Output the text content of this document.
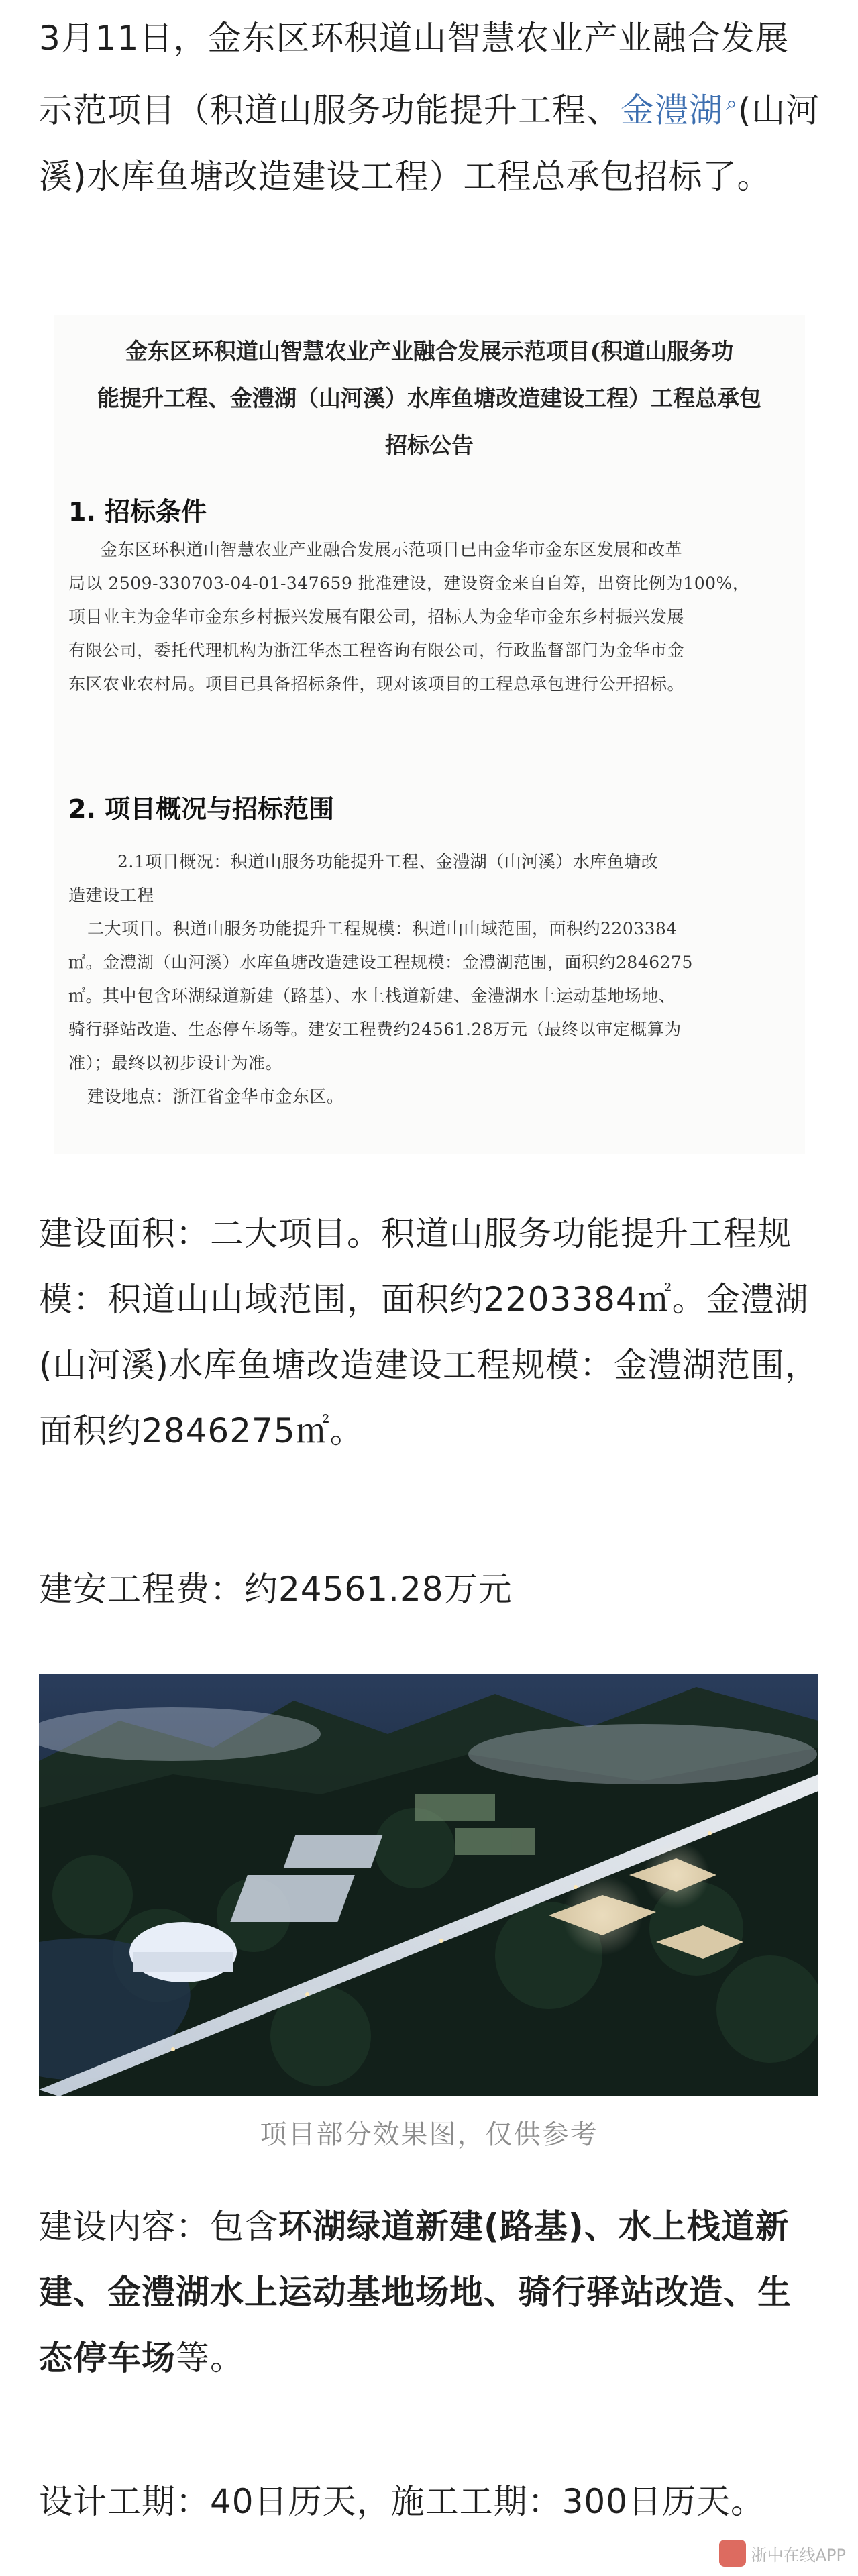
3月11日，金东区环积道山智慧农业产业融合发展示范项目（积道山服务功能提升工程、金澧湖 ⌕(山河溪)水库鱼塘改造建设工程）工程总承包招标了。

金东区环积道山智慧农业产业融合发展示范项目(积道山服务功
能提升工程、金澧湖（山河溪）水库鱼塘改造建设工程）工程总承包
招标公告
1. 招标条件
金东区环积道山智慧农业产业融合发展示范项目已由金华市金东区发展和改革
局以 2509-330703-04-01-347659 批准建设，建设资金来自自筹，出资比例为100%，
项目业主为金华市金东乡村振兴发展有限公司，招标人为金华市金东乡村振兴发展
有限公司，委托代理机构为浙江华杰工程咨询有限公司，行政监督部门为金华市金
东区农业农村局。项目已具备招标条件，现对该项目的工程总承包进行公开招标。
2. 项目概况与招标范围
2.1项目概况：积道山服务功能提升工程、金澧湖（山河溪）水库鱼塘改
造建设工程
二大项目。积道山服务功能提升工程规模：积道山山域范围，面积约2203384
㎡。金澧湖（山河溪）水库鱼塘改造建设工程规模：金澧湖范围，面积约2846275
㎡。其中包含环湖绿道新建（路基）、水上栈道新建、金澧湖水上运动基地场地、
骑行驿站改造、生态停车场等。建安工程费约24561.28万元（最终以审定概算为
准）；最终以初步设计为准。
建设地点：浙江省金华市金东区。

建设面积：二大项目。积道山服务功能提升工程规模：积道山山域范围，面积约2203384㎡。金澧湖(山河溪)水库鱼塘改造建设工程规模：金澧湖范围，面积约2846275㎡。

建安工程费：约24561.28万元

项目部分效果图，仅供参考

建设内容：包含环湖绿道新建(路基)、水上栈道新建、金澧湖水上运动基地场地、骑行驿站改造、生态停车场等。

设计工期：40日历天，施工工期：300日历天。

浙中在线APP
